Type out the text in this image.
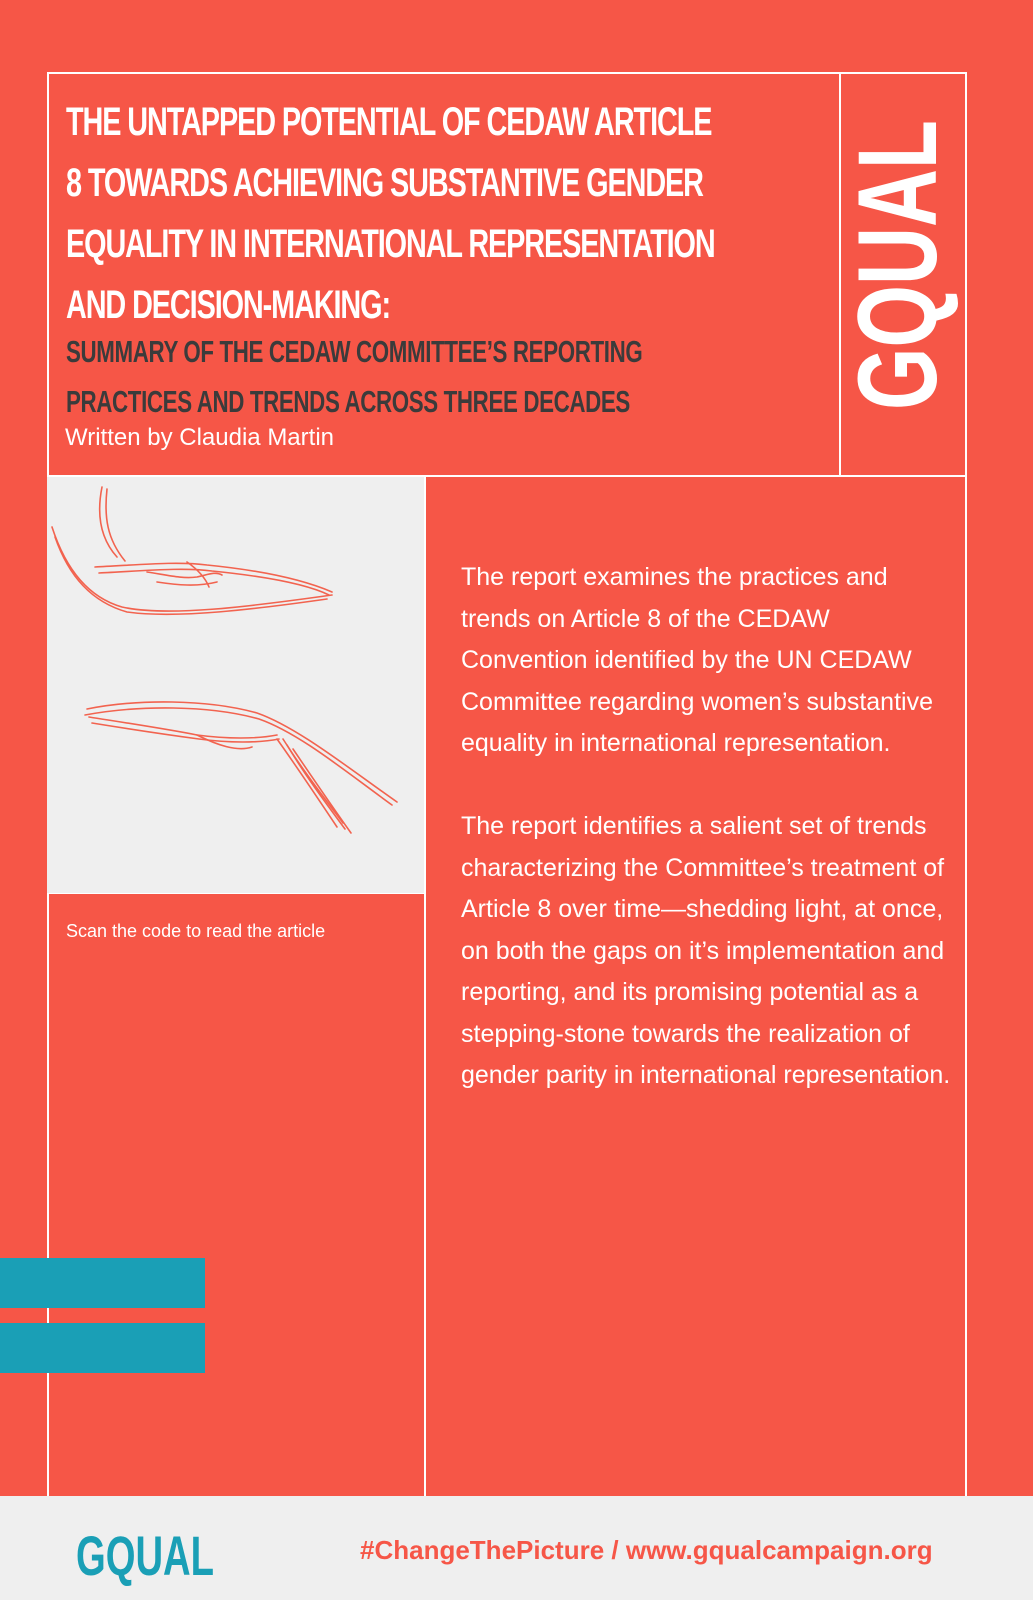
THE UNTAPPED POTENTIAL OF CEDAW ARTICLE
8 TOWARDS ACHIEVING SUBSTANTIVE GENDER
EQUALITY IN INTERNATIONAL REPRESENTATION
AND DECISION-MAKING:
SUMMARY OF THE CEDAW COMMITTEE’S REPORTING
PRACTICES AND TRENDS ACROSS THREE DECADES
Written by Claudia Martin
GQUAL
Scan the code to read the article

The report examines the practices and trends on Article 8 of the CEDAW Convention identified by the UN CEDAW Committee regarding women’s substantive equality in international representation.

The report identifies a salient set of trends characterizing the Committee’s treatment of Article 8 over time—shedding light, at once, on both the gaps on it’s implementation and reporting, and its promising potential as a stepping-stone towards the realization of gender parity in international representation.

GQUAL	#ChangeThePicture / www.gqualcampaign.org
